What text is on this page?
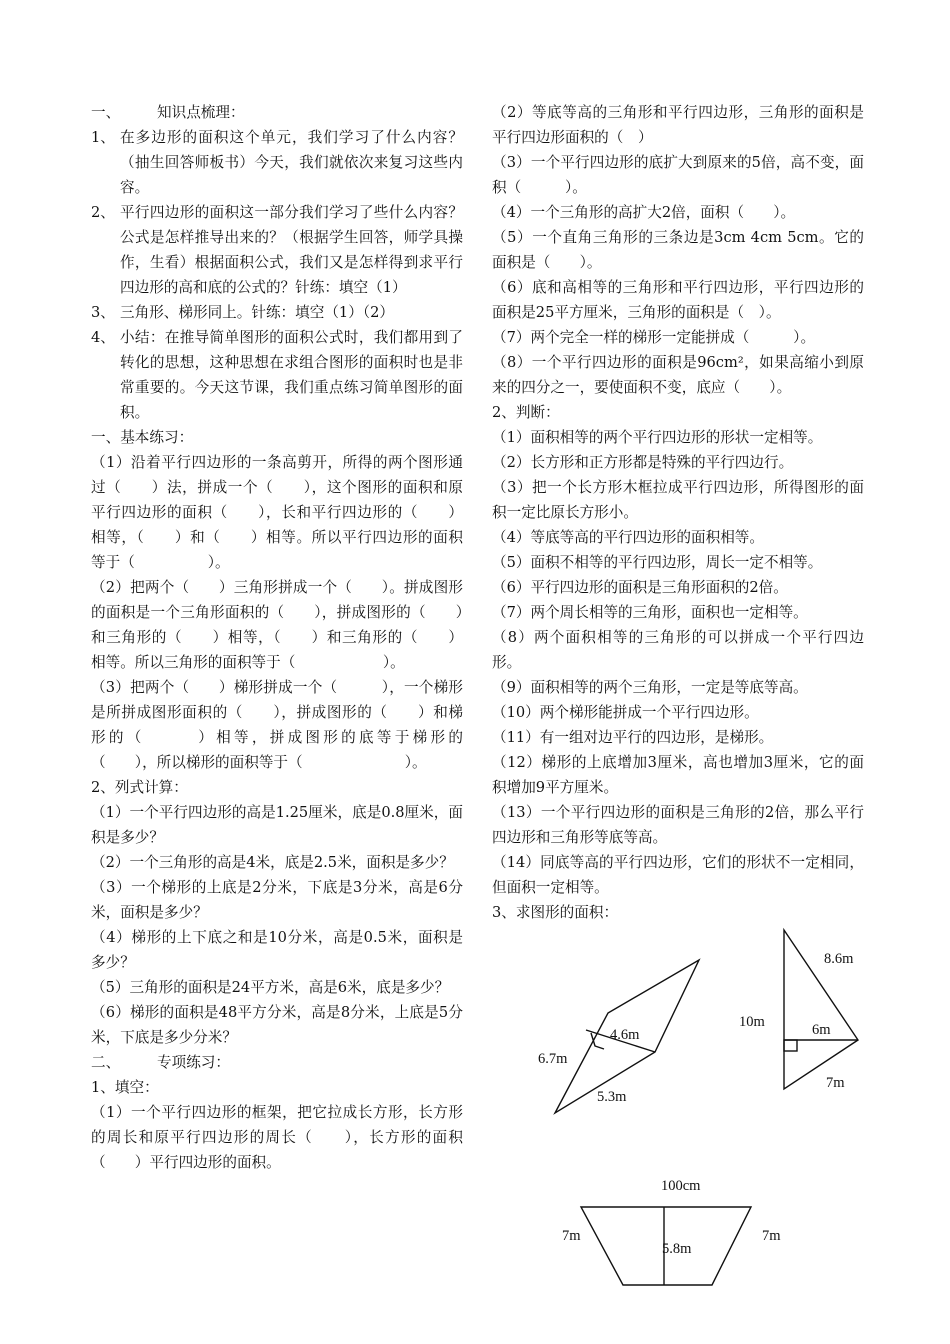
一、	知识点梳理：
1、 在多边形的面积这个单元，我们学习了什么内容？（抽生回答师板书）今天，我们就依次来复习这些内容。
2、 平行四边形的面积这一部分我们学习了些什么内容？公式是怎样推导出来的？（根据学生回答，师学具操作，生看）根据面积公式，我们又是怎样得到求平行四边形的高和底的公式的？针练：填空（1）
3、 三角形、梯形同上。针练：填空（1）（2）
4、 小结：在推导简单图形的面积公式时，我们都用到了转化的思想，这种思想在求组合图形的面积时也是非常重要的。今天这节课，我们重点练习简单图形的面积。

一、基本练习：

（1）沿着平行四边形的一条高剪开，所得的两个图形通过（　　）法，拼成一个（　　），这个图形的面积和原平行四边形的面积（　　），长和平行四边形的（　　）相等，（　　）和（　　）相等。所以平行四边形的面积等于（　　　　　）。

（2）把两个（　　）三角形拼成一个（　　）。拼成图形的面积是一个三角形面积的（　　），拼成图形的（　　）和三角形的（　　）相等，（　　）和三角形的（　　）相等。所以三角形的面积等于（　　　　　　）。

（3）把两个（　　）梯形拼成一个（　　　），一个梯形是所拼成图形面积的（　　），拼成图形的（　　）和梯形的（　　　）相等，拼成图形的底等于梯形的（　　），所以梯形的面积等于（　　　　　　　）。

2、列式计算：

（1）一个平行四边形的高是1.25厘米，底是0.8厘米，面积是多少？

（2）一个三角形的高是4米，底是2.5米，面积是多少？

（3）一个梯形的上底是2分米，下底是3分米，高是6分米，面积是多少？

（4）梯形的上下底之和是10分米，高是0.5米，面积是多少？

（5）三角形的面积是24平方米，高是6米，底是多少？

（6）梯形的面积是48平方分米，高是8分米，上底是5分米，下底是多少分米？

二、	专项练习：

1、填空：

（1）一个平行四边形的框架，把它拉成长方形，长方形的周长和原平行四边形的周长（　　），长方形的面积（　　）平行四边形的面积。

（2）等底等高的三角形和平行四边形，三角形的面积是平行四边形面积的（　）

（3）一个平行四边形的底扩大到原来的5倍，高不变，面积（　　　）。

（4）一个三角形的高扩大2倍，面积（　　）。

（5）一个直角三角形的三条边是3cm 4cm 5cm。它的面积是（　　）。

（6）底和高相等的三角形和平行四边形，平行四边形的面积是25平方厘米，三角形的面积是（　）。

（7）两个完全一样的梯形一定能拼成（　　　）。

（8）一个平行四边形的面积是96cm²，如果高缩小到原来的四分之一，要使面积不变，底应（　　）。

2、判断：

（1）面积相等的两个平行四边形的形状一定相等。

（2）长方形和正方形都是特殊的平行四边行。

（3）把一个长方形木框拉成平行四边形，所得图形的面积一定比原长方形小。

（4）等底等高的平行四边形的面积相等。

（5）面积不相等的平行四边形，周长一定不相等。

（6）平行四边形的面积是三角形面积的2倍。

（7）两个周长相等的三角形，面积也一定相等。

（8）两个面积相等的三角形的可以拼成一个平行四边形。

（9）面积相等的两个三角形，一定是等底等高。

（10）两个梯形能拼成一个平行四边形。

（11）有一组对边平行的四边形，是梯形。

（12）梯形的上底增加3厘米，高也增加3厘米，它的面积增加9平方厘米。

（13）一个平行四边形的面积是三角形的2倍，那么平行四边形和三角形等底等高。

（14）同底等高的平行四边形，它们的形状不一定相同，但面积一定相等。

3、求图形的面积：

4.6m
6.7m
5.3m
8.6m
10m	6m
7m
100cm
7m	7m
5.8m
